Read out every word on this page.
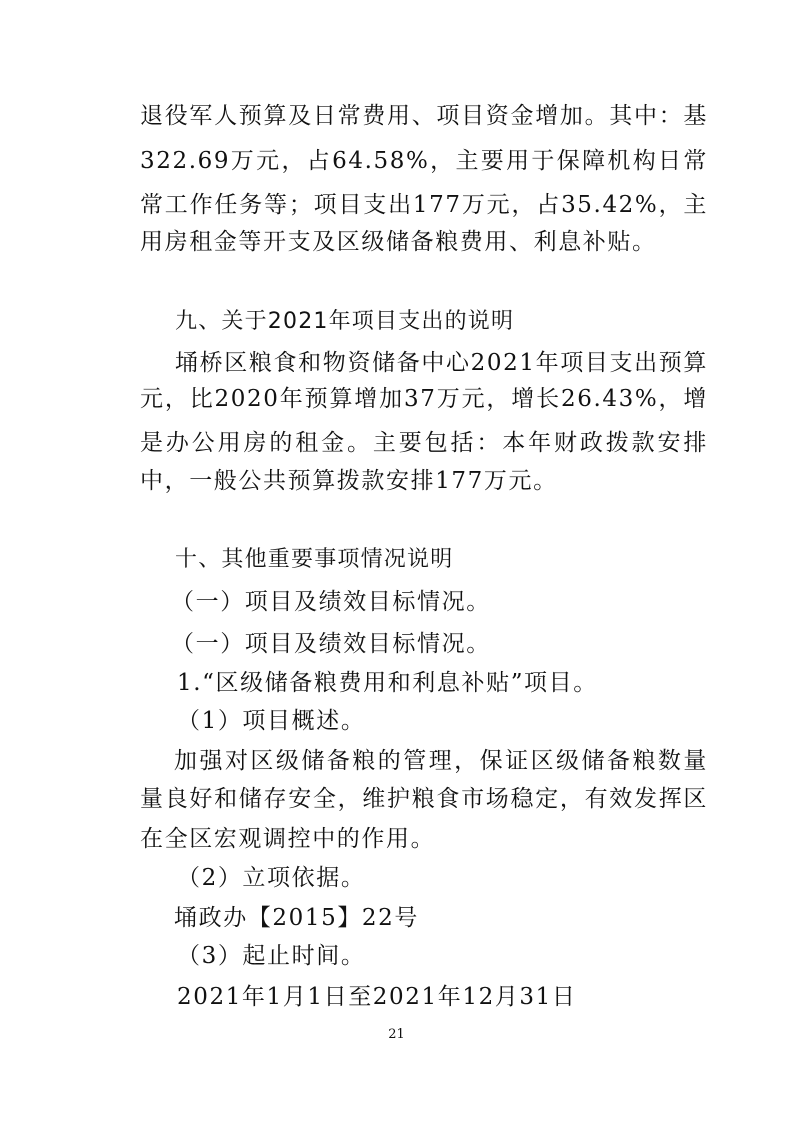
退役军人预算及日常费用、项目资金增加。其中：基
322.69万元，占64.58%，主要用于保障机构日常
常工作任务等；项目支出177万元，占35.42%，主
用房租金等开支及区级储备粮费用、利息补贴。
九、关于2021年项目支出的说明
埇桥区粮食和物资储备中心2021年项目支出预算
元，比2020年预算增加37万元，增长26.43%，增
是办公用房的租金。主要包括：本年财政拨款安排
中，一般公共预算拨款安排177万元。
十、其他重要事项情况说明
（一）项目及绩效目标情况。
（一）项目及绩效目标情况。
1.“区级储备粮费用和利息补贴”项目。
（1）项目概述。
加强对区级储备粮的管理，保证区级储备粮数量
量良好和储存安全，维护粮食市场稳定，有效发挥区
在全区宏观调控中的作用。
（2）立项依据。
埇政办【2015】22号
（3）起止时间。
2021年1月1日至2021年12月31日
21
